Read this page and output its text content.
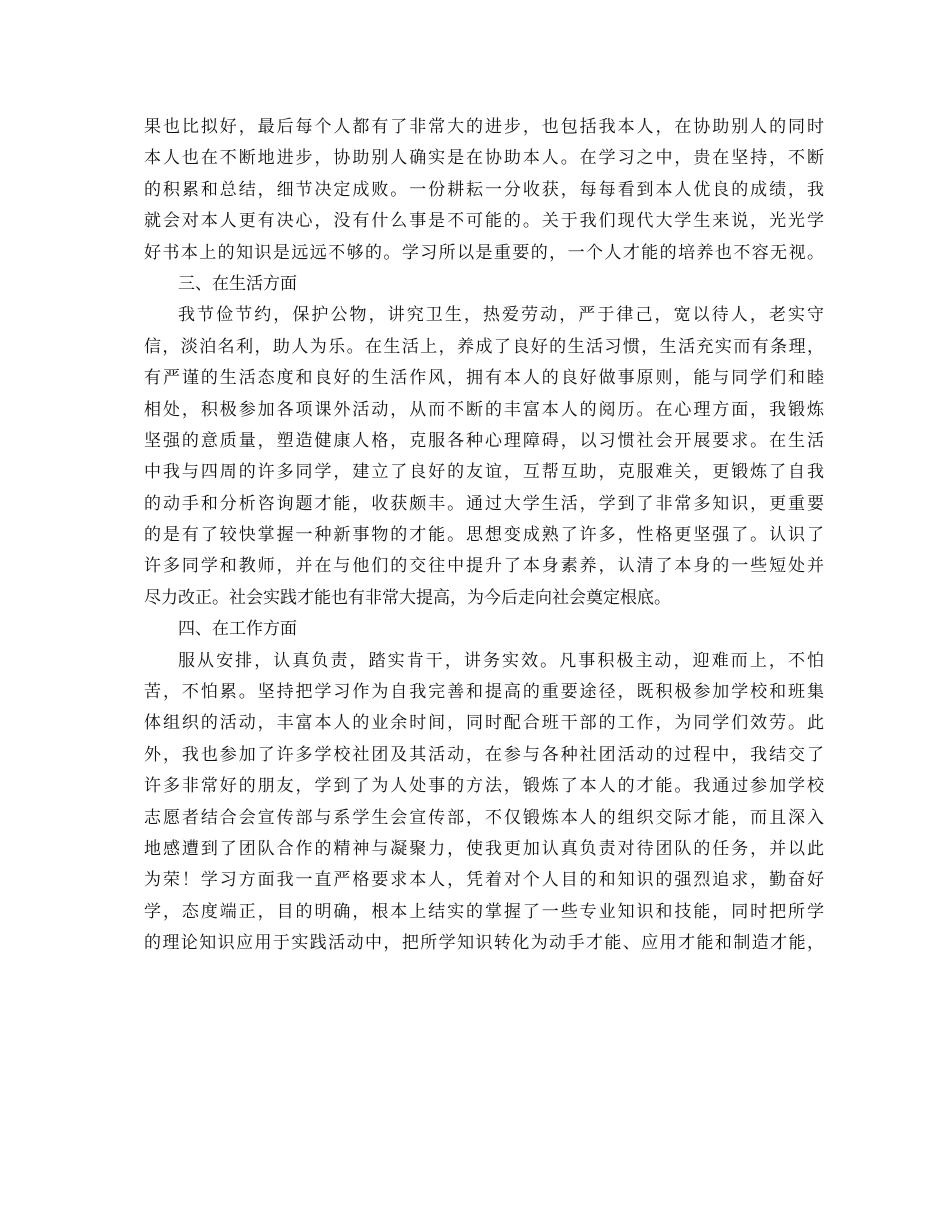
果也比拟好，最后每个人都有了非常大的进步，也包括我本人，在协助别人的同时
本人也在不断地进步，协助别人确实是在协助本人。在学习之中，贵在坚持，不断
的积累和总结，细节决定成败。一份耕耘一分收获，每每看到本人优良的成绩，我
就会对本人更有决心，没有什么事是不可能的。关于我们现代大学生来说，光光学
好书本上的知识是远远不够的。学习所以是重要的，一个人才能的培养也不容无视。
三、在生活方面
我节俭节约，保护公物，讲究卫生，热爱劳动，严于律己，宽以待人，老实守
信，淡泊名利，助人为乐。在生活上，养成了良好的生活习惯，生活充实而有条理，
有严谨的生活态度和良好的生活作风，拥有本人的良好做事原则，能与同学们和睦
相处，积极参加各项课外活动，从而不断的丰富本人的阅历。在心理方面，我锻炼
坚强的意质量，塑造健康人格，克服各种心理障碍，以习惯社会开展要求。在生活
中我与四周的许多同学，建立了良好的友谊，互帮互助，克服难关，更锻炼了自我
的动手和分析咨询题才能，收获颇丰。通过大学生活，学到了非常多知识，更重要
的是有了较快掌握一种新事物的才能。思想变成熟了许多，性格更坚强了。认识了
许多同学和教师，并在与他们的交往中提升了本身素养，认清了本身的一些短处并
尽力改正。社会实践才能也有非常大提高，为今后走向社会奠定根底。
四、在工作方面
服从安排，认真负责，踏实肯干，讲务实效。凡事积极主动，迎难而上，不怕
苦，不怕累。坚持把学习作为自我完善和提高的重要途径，既积极参加学校和班集
体组织的活动，丰富本人的业余时间，同时配合班干部的工作，为同学们效劳。此
外，我也参加了许多学校社团及其活动，在参与各种社团活动的过程中，我结交了
许多非常好的朋友，学到了为人处事的方法，锻炼了本人的才能。我通过参加学校
志愿者结合会宣传部与系学生会宣传部，不仅锻炼本人的组织交际才能，而且深入
地感遭到了团队合作的精神与凝聚力，使我更加认真负责对待团队的任务，并以此
为荣！学习方面我一直严格要求本人，凭着对个人目的和知识的强烈追求，勤奋好
学，态度端正，目的明确，根本上结实的掌握了一些专业知识和技能，同时把所学
的理论知识应用于实践活动中，把所学知识转化为动手才能、应用才能和制造才能，
